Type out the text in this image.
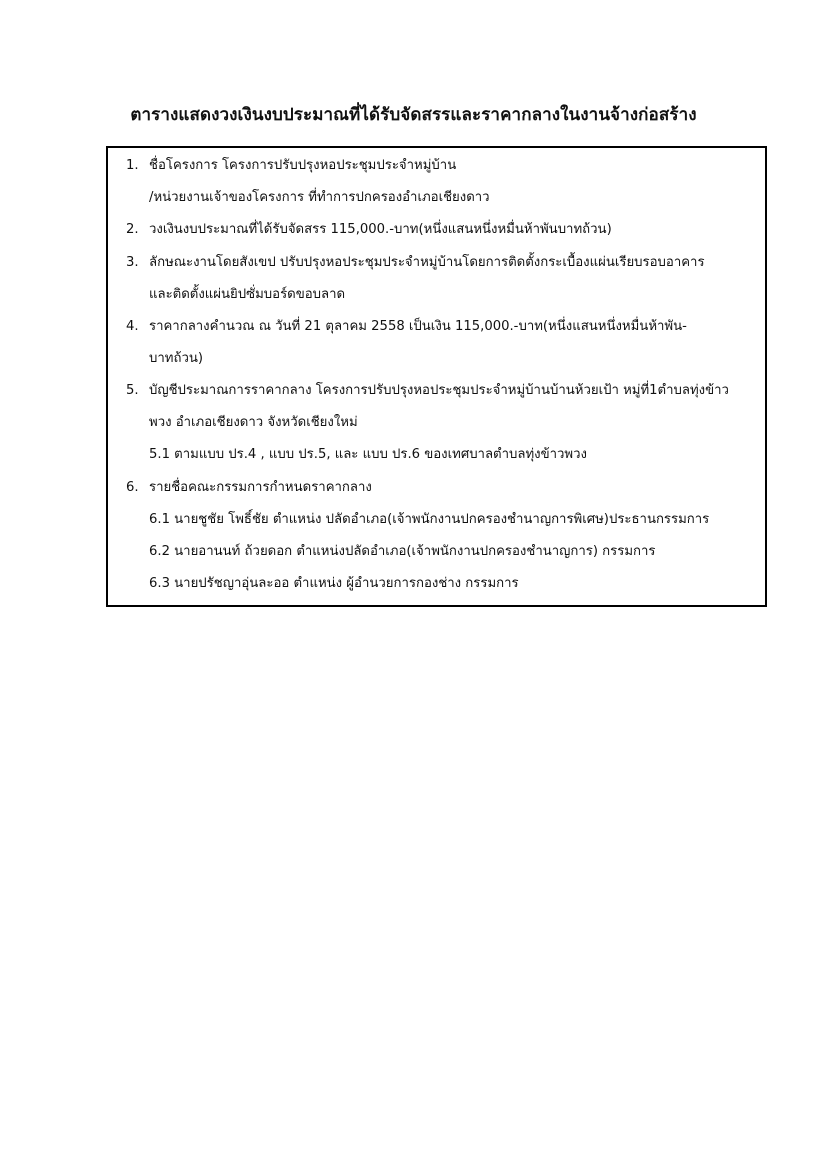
ตารางแสดงวงเงินงบประมาณที่ได้รับจัดสรรและราคากลางในงานจ้างก่อสร้าง
1. ชื่อโครงการ โครงการปรับปรุงหอประชุมประจำหมู่บ้าน
/หน่วยงานเจ้าของโครงการ ที่ทำการปกครองอำเภอเชียงดาว
2. วงเงินงบประมาณที่ได้รับจัดสรร 115,000.-บาท(หนึ่งแสนหนึ่งหมื่นห้าพันบาทถ้วน)
3. ลักษณะงานโดยสังเขป ปรับปรุงหอประชุมประจำหมู่บ้านโดยการติดตั้งกระเบื้องแผ่นเรียบรอบอาคาร
และติดตั้งแผ่นยิปซั่มบอร์ดขอบลาด
4. ราคากลางคำนวณ ณ วันที่ 21 ตุลาคม 2558 เป็นเงิน 115,000.-บาท(หนึ่งแสนหนึ่งหมื่นห้าพัน-
บาทถ้วน)
5. บัญชีประมาณการราคากลาง โครงการปรับปรุงหอประชุมประจำหมู่บ้านบ้านห้วยเป้า หมู่ที่1ตำบลทุ่งข้าว
พวง อำเภอเชียงดาว จังหวัดเชียงใหม่
5.1 ตามแบบ ปร.4 , แบบ ปร.5, และ แบบ ปร.6 ของเทศบาลตำบลทุ่งข้าวพวง
6. รายชื่อคณะกรรมการกำหนดราคากลาง
6.1 นายชูชัย โพธิ์ชัย ตำแหน่ง ปลัดอำเภอ(เจ้าพนักงานปกครองชำนาญการพิเศษ)ประธานกรรมการ
6.2 นายอานนท์ ถ้วยดอก ตำแหน่งปลัดอำเภอ(เจ้าพนักงานปกครองชำนาญการ) กรรมการ
6.3 นายปรัชญาอุ่นละออ ตำแหน่ง ผู้อำนวยการกองช่าง กรรมการ
